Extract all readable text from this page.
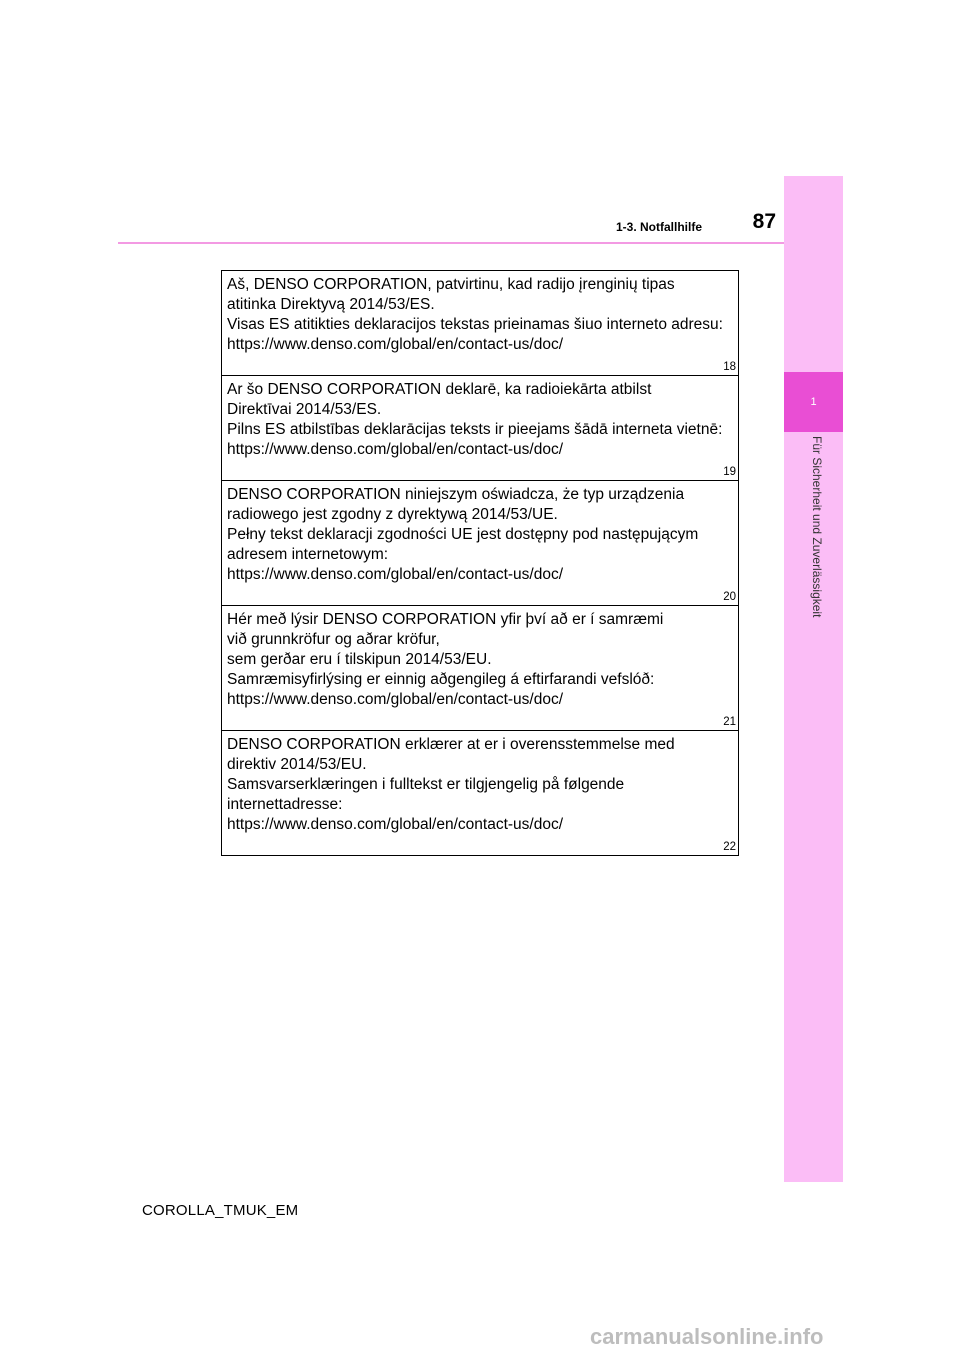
1-3. Notfallhilfe	87
1
Für Sicherheit und Zuverlässigkeit
Aš, DENSO CORPORATION, patvirtinu, kad radijo įrenginių tipas
atitinka Direktyvą 2014/53/ES.
Visas ES atitikties deklaracijos tekstas prieinamas šiuo interneto adresu:
https://www.denso.com/global/en/contact-us/doc/
18
Ar šo DENSO CORPORATION deklarē, ka radioiekārta atbilst
Direktīvai 2014/53/ES.
Pilns ES atbilstības deklarācijas teksts ir pieejams šādā interneta vietnē:
https://www.denso.com/global/en/contact-us/doc/
19
DENSO CORPORATION niniejszym oświadcza, że typ urządzenia
radiowego jest zgodny z dyrektywą 2014/53/UE.
Pełny tekst deklaracji zgodności UE jest dostępny pod następującym
adresem internetowym:
https://www.denso.com/global/en/contact-us/doc/
20
Hér með lýsir DENSO CORPORATION yfir því að er í samræmi
við grunnkröfur og aðrar kröfur,
sem gerðar eru í tilskipun 2014/53/EU.
Samræmisyfirlýsing er einnig aðgengileg á eftirfarandi vefslóð:
https://www.denso.com/global/en/contact-us/doc/
21
DENSO CORPORATION erklærer at er i overensstemmelse med
direktiv 2014/53/EU.
Samsvarserklæringen i fulltekst er tilgjengelig på følgende
internettadresse:
https://www.denso.com/global/en/contact-us/doc/
22
COROLLA_TMUK_EM
carmanualsonline.info
